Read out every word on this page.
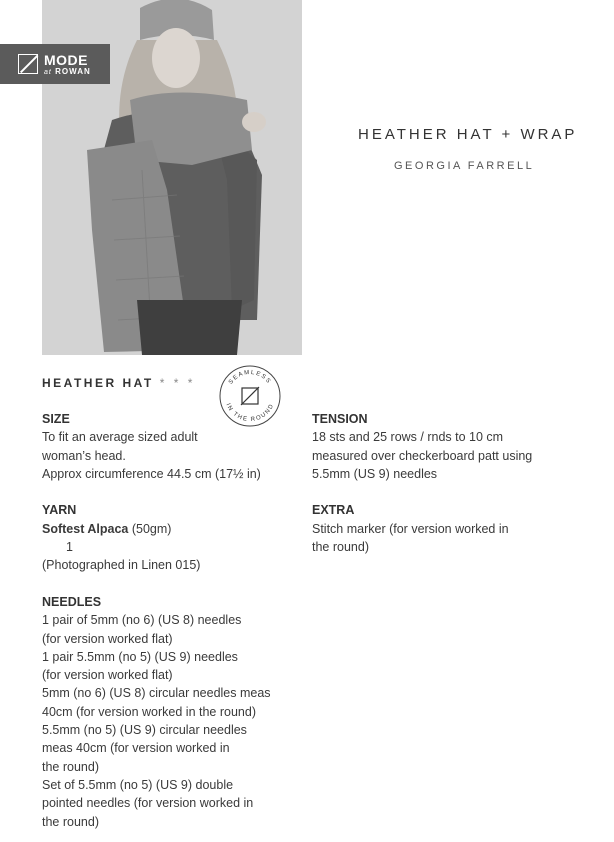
MODE
at ROWAN
HEATHER HAT + WRAP
GEORGIA FARRELL
HEATHER HAT * * *	SEAMLESS
IN THE ROUND
SIZE
To fit an average sized adult
woman’s head.
Approx circumference 44.5 cm (17½ in)
YARN
Softest Alpaca (50gm)
1
(Photographed in Linen 015)
NEEDLES
1 pair of 5mm (no 6) (US 8) needles
(for version worked flat)
1 pair 5.5mm (no 5) (US 9) needles
(for version worked flat)
5mm (no 6) (US 8) circular needles meas
40cm (for version worked in the round)
5.5mm (no 5) (US 9) circular needles
meas 40cm (for version worked in
the round)
Set of 5.5mm (no 5) (US 9) double
pointed needles (for version worked in
the round)
TENSION
18 sts and 25 rows / rnds to 10 cm
measured over checkerboard patt using
5.5mm (US 9) needles
EXTRA
Stitch marker (for version worked in
the round)
